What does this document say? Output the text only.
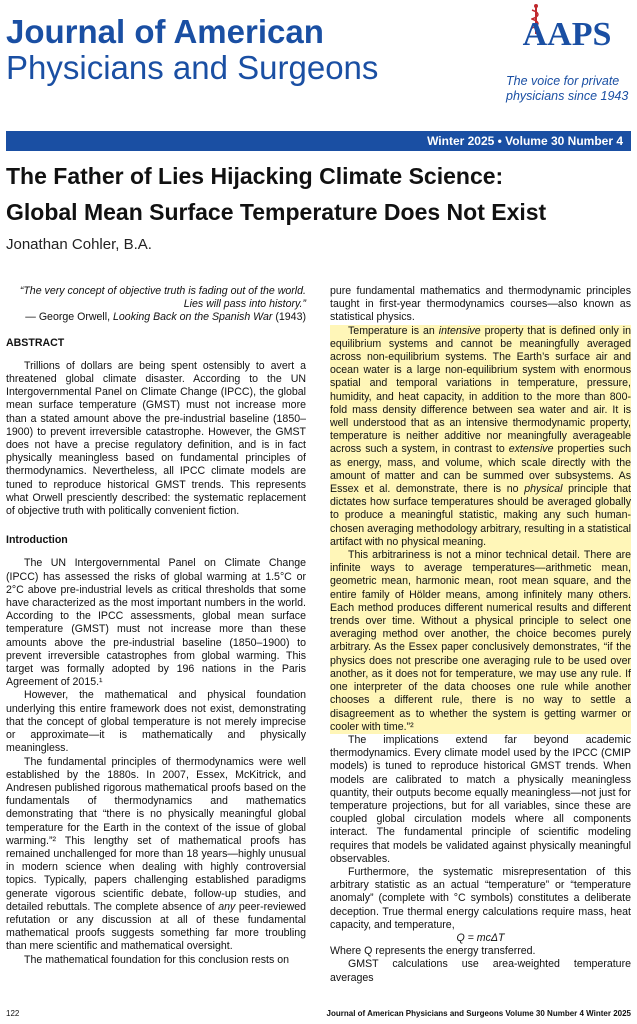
Journal of American
Physicians and Surgeons
AAPS
The voice for private
physicians since 1943
Winter 2025 • Volume 30 Number 4
The Father of Lies Hijacking Climate Science:
Global Mean Surface Temperature Does Not Exist
Jonathan Cohler, B.A.
“The very concept of objective truth is fading out of the world.
Lies will pass into history.”
— George Orwell, Looking Back on the Spanish War (1943)
ABSTRACT

Trillions of dollars are being spent ostensibly to avert a threatened global climate disaster. According to the UN Intergovernmental Panel on Climate Change (IPCC), the global mean surface temperature (GMST) must not increase more than a stated amount above the pre-industrial baseline (1850–1900) to prevent irreversible catastrophe. However, the GMST does not have a precise regulatory definition, and is in fact physically meaningless based on fundamental principles of thermodynamics. Nevertheless, all IPCC climate models are tuned to reproduce historical GMST trends. This represents what Orwell presciently described: the systematic replacement of objective truth with politically convenient fiction.

Introduction

The UN Intergovernmental Panel on Climate Change (IPCC) has assessed the risks of global warming at 1.5°C or 2°C above pre-industrial levels as critical thresholds that some have characterized as the most important numbers in the world. According to the IPCC assessments, global mean surface temperature (GMST) must not increase more than these amounts above the pre-industrial baseline (1850–1900) to prevent irreversible catastrophes from global warming. This target was formally adopted by 196 nations in the Paris Agreement of 2015.¹

However, the mathematical and physical foundation underlying this entire framework does not exist, demonstrating that the concept of global temperature is not merely imprecise or approximate—it is mathematically and physically meaningless.

The fundamental principles of thermodynamics were well established by the 1880s. In 2007, Essex, McKitrick, and Andresen published rigorous mathematical proofs based on the fundamentals of thermodynamics and mathematics demonstrating that “there is no physically meaningful global temperature for the Earth in the context of the issue of global warming.”² This lengthy set of mathematical proofs has remained unchallenged for more than 18 years—highly unusual in modern science when dealing with highly controversial topics. Typically, papers challenging established paradigms generate vigorous scientific debate, follow-up studies, and detailed rebuttals. The complete absence of any peer-reviewed refutation or any discussion at all of these fundamental mathematical proofs suggests something far more troubling than mere scientific and mathematical oversight.

The mathematical foundation for this conclusion rests on

pure fundamental mathematics and thermodynamic principles taught in first-year thermodynamics courses—also known as statistical physics.

Temperature is an intensive property that is defined only in equilibrium systems and cannot be meaningfully averaged across non-equilibrium systems. The Earth’s surface air and ocean water is a large non-equilibrium system with enormous spatial and temporal variations in temperature, pressure, humidity, and heat capacity, in addition to the more than 800-fold mass density difference between sea water and air. It is well understood that as an intensive thermodynamic property, temperature is neither additive nor meaningfully averageable across such a system, in contrast to extensive properties such as energy, mass, and volume, which scale directly with the amount of matter and can be summed over subsystems. As Essex et al. demonstrate, there is no physical principle that dictates how surface temperatures should be averaged globally to produce a meaningful statistic, making any such human-chosen averaging methodology arbitrary, resulting in a statistical artifact with no physical meaning.

This arbitrariness is not a minor technical detail. There are infinite ways to average temperatures—arithmetic mean, geometric mean, harmonic mean, root mean square, and the entire family of Hölder means, among infinitely many others. Each method produces different numerical results and different trends over time. Without a physical principle to select one averaging method over another, the choice becomes purely arbitrary. As the Essex paper conclusively demonstrates, “if the physics does not prescribe one averaging rule to be used over another, as it does not for temperature, we may use any rule. If one interpreter of the data chooses one rule while another chooses a different rule, there is no way to settle a disagreement as to whether the system is getting warmer or cooler with time.”²

The implications extend far beyond academic thermodynamics. Every climate model used by the IPCC (CMIP models) is tuned to reproduce historical GMST trends. When models are calibrated to match a physically meaningless quantity, their outputs become equally meaningless—not just for temperature projections, but for all variables, since these are coupled global circulation models where all components interact. The fundamental principle of scientific modeling requires that models be validated against physically meaningful observables.

Furthermore, the systematic misrepresentation of this arbitrary statistic as an actual “temperature” or “temperature anomaly” (complete with °C symbols) constitutes a deliberate deception. True thermal energy calculations require mass, heat capacity, and temperature,

Q = mcΔT

Where Q represents the energy transferred.

GMST calculations use area-weighted temperature averages

122	Journal of American Physicians and Surgeons Volume 30 Number 4 Winter 2025
